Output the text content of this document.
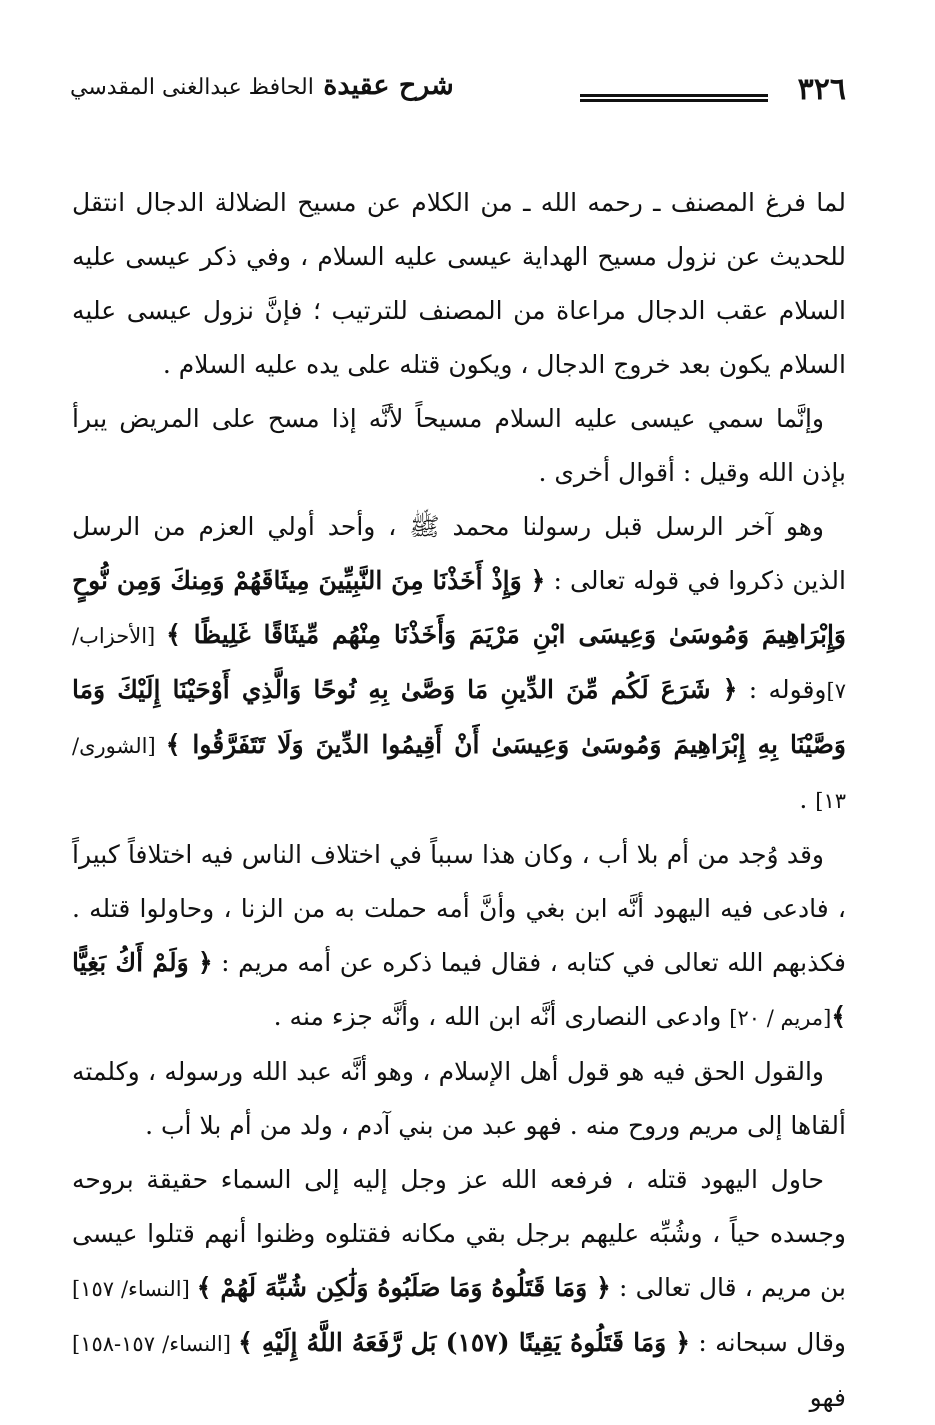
٣٢٦
شرح عقيدة الحافظ عبدالغنى المقدسي

لما فرغ المصنف ـ رحمه الله ـ من الكلام عن مسيح الضلالة الدجال انتقل للحديث عن نزول مسيح الهداية عيسى عليه السلام ، وفي ذكر عيسى عليه السلام عقب الدجال مراعاة من المصنف للترتيب ؛ فإنَّ نزول عيسى عليه السلام يكون بعد خروج الدجال ، ويكون قتله على يده عليه السلام .

وإنَّما سمي عيسى عليه السلام مسيحاً لأنَّه إذا مسح على المريض يبرأ بإذن الله وقيل : أقوال أخرى .

وهو آخر الرسل قبل رسولنا محمد ﷺ ، وأحد أولي العزم من الرسل الذين ذكروا في قوله تعالى : ﴿ وَإِذْ أَخَذْنَا مِنَ النَّبِيِّينَ مِيثَاقَهُمْ وَمِنكَ وَمِن نُّوحٍ وَإِبْرَاهِيمَ وَمُوسَىٰ وَعِيسَى ابْنِ مَرْيَمَ وَأَخَذْنَا مِنْهُم مِّيثَاقًا غَلِيظًا ﴾ [الأحزاب/ ٧]وقوله : ﴿ شَرَعَ لَكُم مِّنَ الدِّينِ مَا وَصَّىٰ بِهِ نُوحًا وَالَّذِي أَوْحَيْنَا إِلَيْكَ وَمَا وَصَّيْنَا بِهِ إِبْرَاهِيمَ وَمُوسَىٰ وَعِيسَىٰ أَنْ أَقِيمُوا الدِّينَ وَلَا تَتَفَرَّقُوا ﴾ [الشورى/ ١٣] .

وقد وُجد من أم بلا أب ، وكان هذا سبباً في اختلاف الناس فيه اختلافاً كبيراً ، فادعى فيه اليهود أنَّه ابن بغي وأنَّ أمه حملت به من الزنا ، وحاولوا قتله . فكذبهم الله تعالى في كتابه ، فقال فيما ذكره عن أمه مريم : ﴿ وَلَمْ أَكُ بَغِيًّا ﴾[مريم / ٢٠] وادعى النصارى أنَّه ابن الله ، وأنَّه جزء منه .

والقول الحق فيه هو قول أهل الإسلام ، وهو أنَّه عبد الله ورسوله ، وكلمته ألقاها إلى مريم وروح منه . فهو عبد من بني آدم ، ولد من أم بلا أب .

حاول اليهود قتله ، فرفعه الله عز وجل إليه إلى السماء حقيقة بروحه وجسده حياً ، وشُبِّه عليهم برجل بقي مكانه فقتلوه وظنوا أنهم قتلوا عيسى بن مريم ، قال تعالى : ﴿ وَمَا قَتَلُوهُ وَمَا صَلَبُوهُ وَلَٰكِن شُبِّهَ لَهُمْ ﴾ [النساء/ ١٥٧] وقال سبحانه : ﴿ وَمَا قَتَلُوهُ يَقِينًا (١٥٧) بَل رَّفَعَهُ اللَّهُ إِلَيْهِ ﴾ [النساء/ ١٥٧-١٥٨] فهو
